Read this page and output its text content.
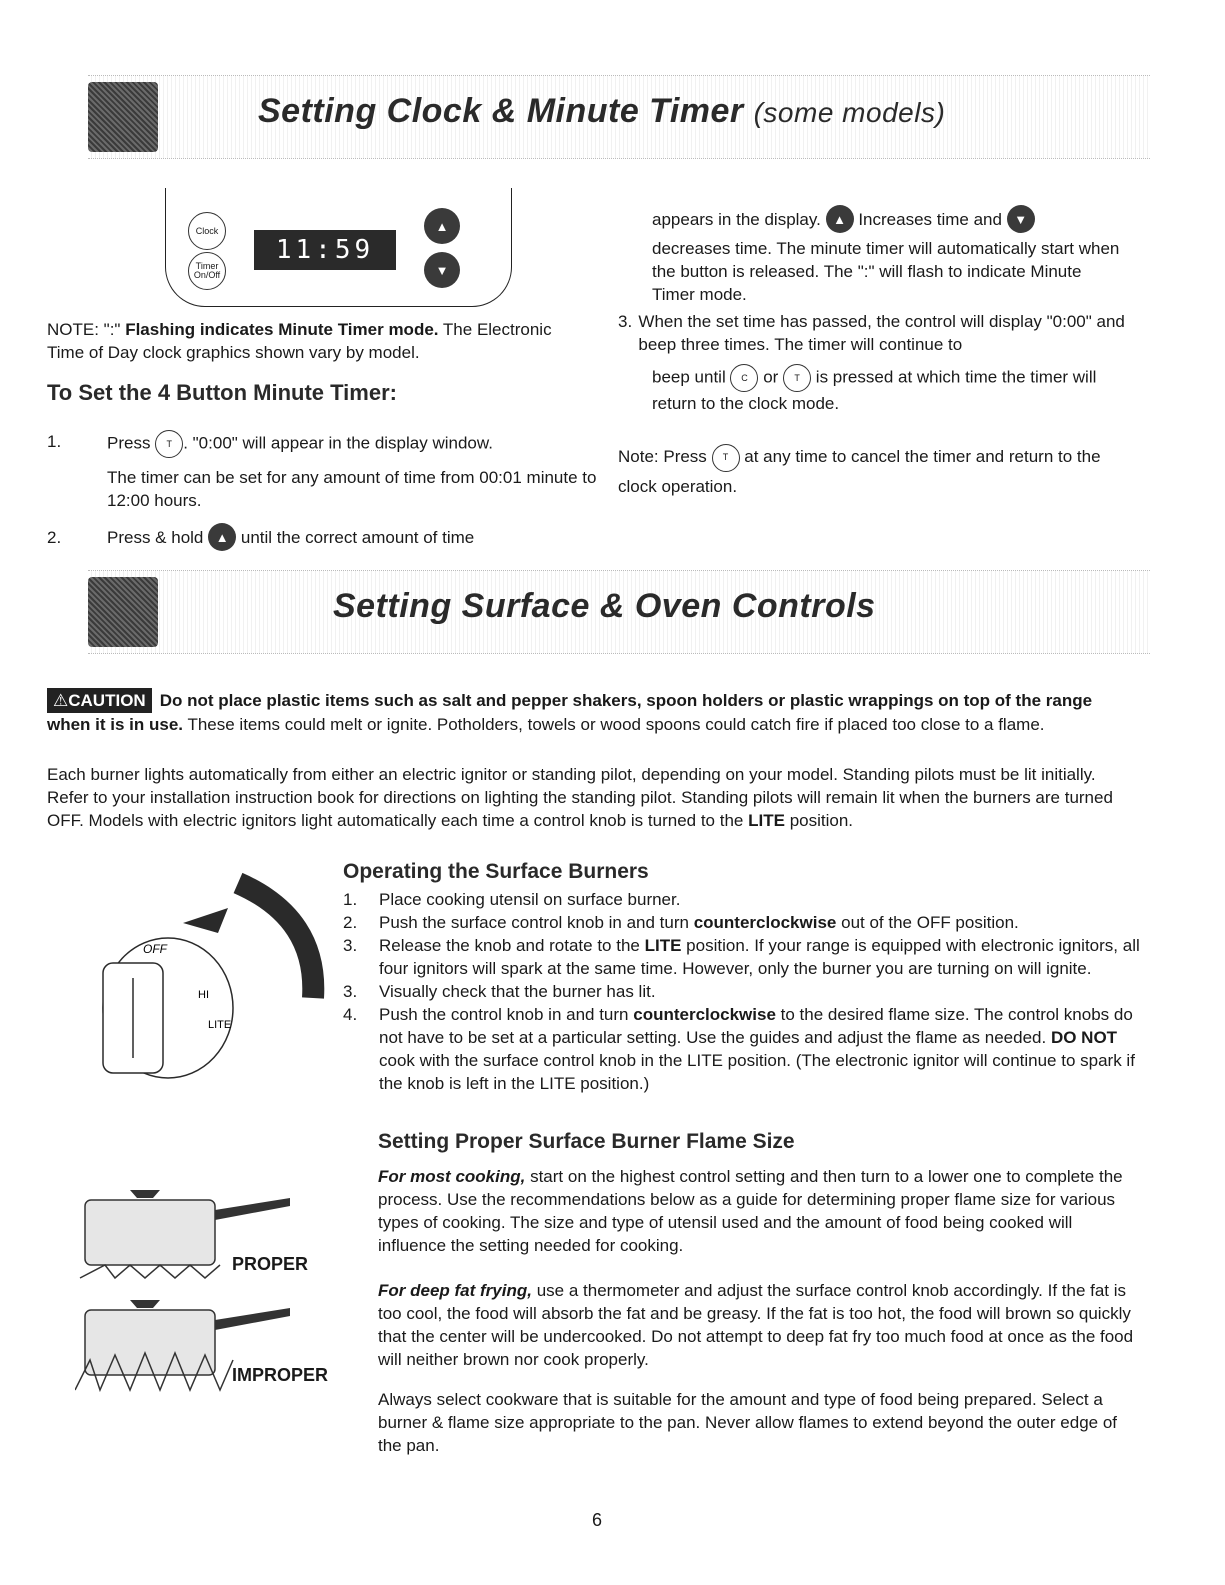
Setting Clock & Minute Timer (some models)
Clock
Timer On/Off
11:59
▲
▼
NOTE: ":" Flashing indicates Minute Timer mode. The Electronic Time of Day clock graphics shown vary by model.
To Set the 4 Button Minute Timer:
1.	Press T . "0:00" will appear in the display window.
The timer can be set for any amount of time from 00:01 minute to 12:00 hours.
2.	Press & hold
▲
until the correct amount of time
appears in the display.
▲
Increases time and
▼
decreases time. The minute timer will automatically start when the button is released. The ":" will flash to indicate Minute Timer mode.
3. When the set time has passed, the control will display "0:00" and beep three times. The timer will continue to
beep until C or T is pressed at which time the timer will return to the clock mode.
Note: Press T at any time to cancel the timer and return to the clock operation.
Setting Surface & Oven Controls
⚠CAUTION Do not place plastic items such as salt and pepper shakers, spoon holders or plastic wrappings on top of the range when it is in use. These items could melt or ignite. Potholders, towels or wood spoons could catch fire if placed too close to a flame.
Each burner lights automatically from either an electric ignitor or standing pilot, depending on your model. Standing pilots must be lit initially. Refer to your installation instruction book for directions on lighting the standing pilot. Standing pilots will remain lit when the burners are turned OFF. Models with electric ignitors light automatically each time a control knob is turned to the LITE position.
OFF
HI
LITE
Operating the Surface Burners
1.	Place cooking utensil on surface burner.
2.	Push the surface control knob in and turn counterclockwise out of the OFF position.
3.	Release the knob and rotate to the LITE position. If your range is equipped with electronic ignitors, all four ignitors will spark at the same time. However, only the burner you are turning on will ignite.
3.	Visually check that the burner has lit.
4.	Push the control knob in and turn counterclockwise to the desired flame size. The control knobs do not have to be set at a particular setting. Use the guides and adjust the flame as needed. DO NOT cook with the surface control knob in the LITE position. (The electronic ignitor will continue to spark if the knob is left in the LITE position.)
Setting Proper Surface Burner Flame Size
For most cooking, start on the highest control setting and then turn to a lower one to complete the process. Use the recommendations below as a guide for determining proper flame size for various types of cooking. The size and type of utensil used and the amount of food being cooked will influence the setting needed for cooking.
For deep fat frying, use a thermometer and adjust the surface control knob accordingly. If the fat is too cool, the food will absorb the fat and be greasy. If the fat is too hot, the food will brown so quickly that the center will be undercooked. Do not attempt to deep fat fry too much food at once as the food will neither brown nor cook properly.
Always select cookware that is suitable for the amount and type of food being prepared. Select a burner & flame size appropriate to the pan. Never allow flames to extend beyond the outer edge of the pan.
PROPER
IMPROPER
6
